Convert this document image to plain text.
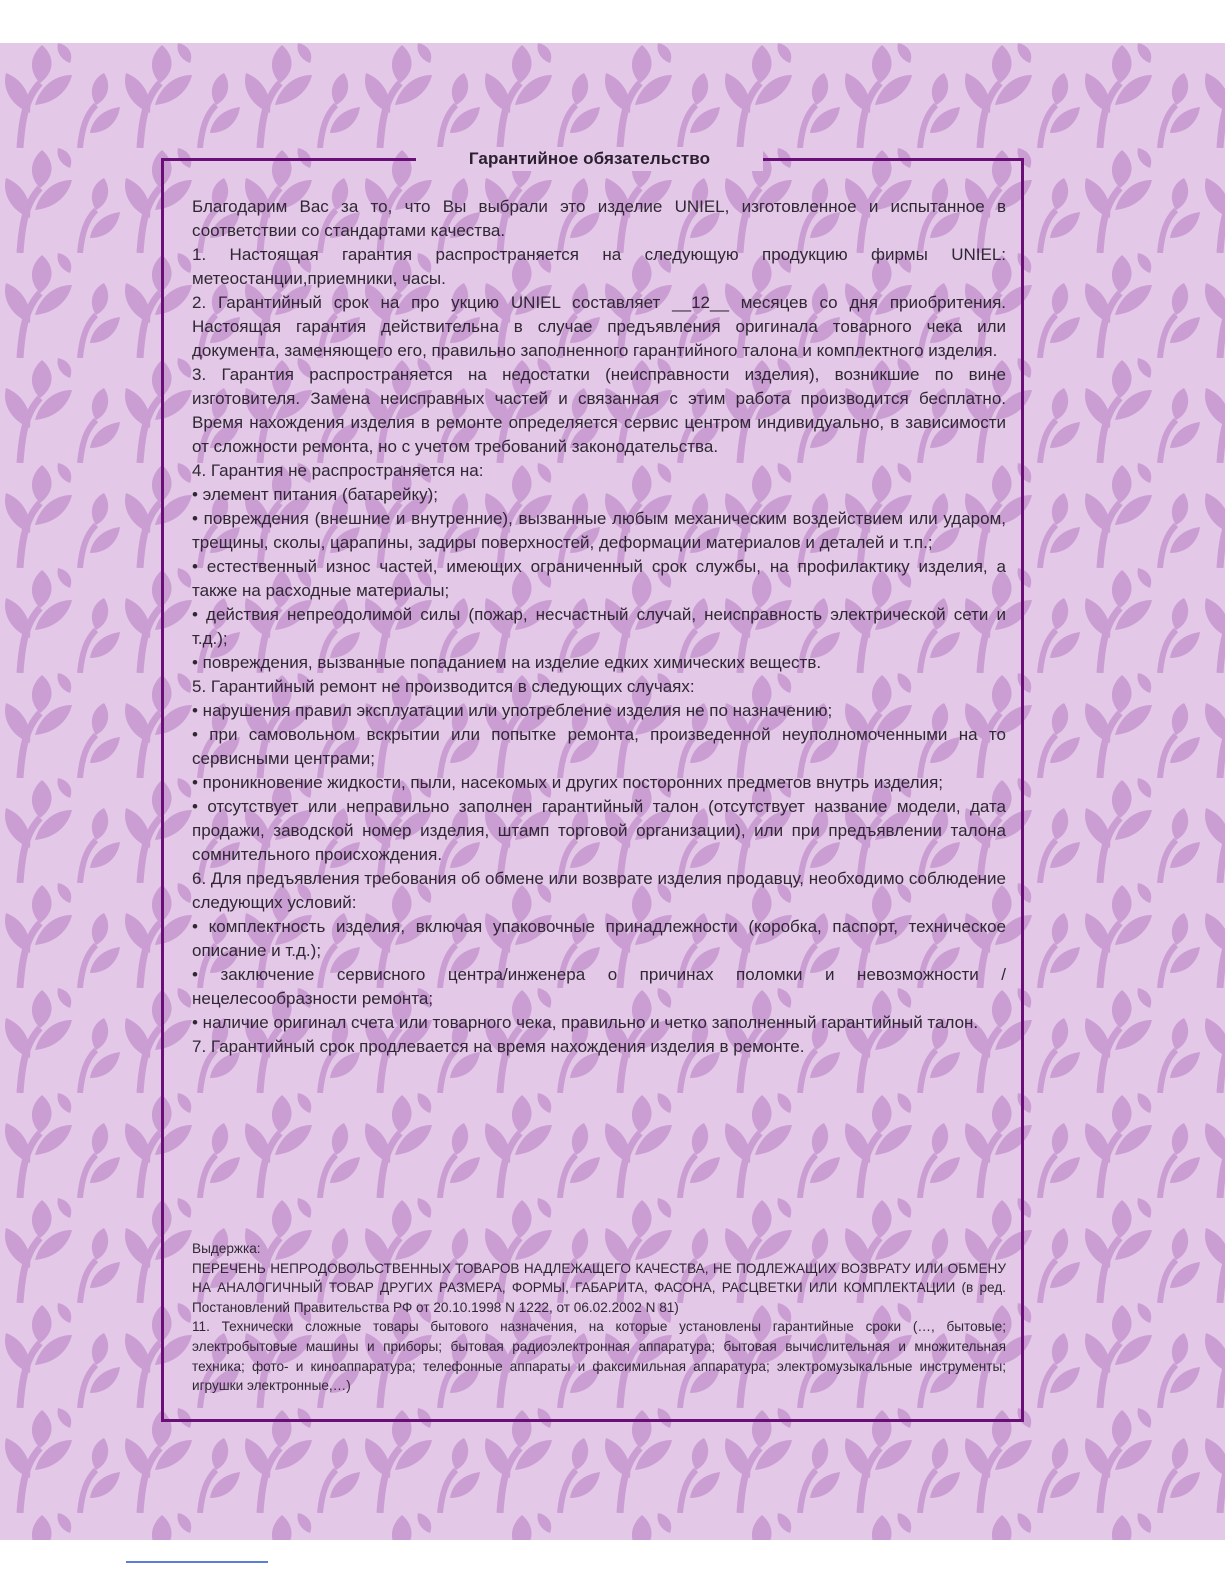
Гарантийное обязательство

Благодарим Вас за то, что Вы выбрали это изделие UNIEL, изготовленное и испытанное в соответствии со стандартами качества.

1. Настоящая гарантия распространяется на следующую продукцию фирмы UNIEL: метеостанции,приемники, часы.

2. Гарантийный срок на про укцию UNIEL составляет __12__ месяцев со дня приобритения. Настоящая гарантия действительна в случае предъявления оригинала товарного чека или документа, заменяющего его, правильно заполненного гарантийного талона и комплектного изделия.

3. Гарантия распространяется на недостатки (неисправности изделия), возникшие по вине изготовителя. Замена неисправных частей и связанная с этим работа производится бесплатно. Время нахождения изделия в ремонте определяется сервис центром индивидуально, в зависимости от сложности ремонта, но с учетом требований законодательства.

4. Гарантия не распространяется на:

• элемент питания (батарейку);

• повреждения (внешние и внутренние), вызванные любым механическим воздействием или ударом, трещины, сколы, царапины, задиры поверхностей, деформации материалов и деталей и т.п.;

• естественный износ частей, имеющих ограниченный срок службы, на профилактику изделия, а также на расходные материалы;

• действия непреодолимой силы (пожар, несчастный случай, неисправность электрической сети и т.д.);

• повреждения, вызванные попаданием на изделие едких химических веществ.

5. Гарантийный ремонт не производится в следующих случаях:

• нарушения правил эксплуатации или употребление изделия не по назначению;

• при самовольном вскрытии или попытке ремонта, произведенной неуполномоченными на то сервисными центрами;

• проникновение жидкости, пыли, насекомых и других посторонних предметов внутрь изделия;

• отсутствует или неправильно заполнен гарантийный талон (отсутствует название модели, дата продажи, заводской номер изделия, штамп торговой организации), или при предъявлении талона сомнительного происхождения.

6. Для предъявления требования об обмене или возврате изделия продавцу, необходимо соблюдение следующих условий:

• комплектность изделия, включая упаковочные принадлежности (коробка, паспорт, техническое описание и т.д.);

• заключение сервисного центра/инженера о причинах поломки и невозможности / нецелесообразности ремонта;

• наличие оригинал счета или товарного чека, правильно и четко заполненный гарантийный талон.

7. Гарантийный срок продлевается на время нахождения изделия в ремонте.

Выдержка:

ПЕРЕЧЕНЬ НЕПРОДОВОЛЬСТВЕННЫХ ТОВАРОВ НАДЛЕЖАЩЕГО КАЧЕСТВА, НЕ ПОДЛЕЖАЩИХ ВОЗВРАТУ ИЛИ ОБМЕНУ НА АНАЛОГИЧНЫЙ ТОВАР ДРУГИХ РАЗМЕРА, ФОРМЫ, ГАБАРИТА, ФАСОНА, РАСЦВЕТКИ ИЛИ КОМПЛЕКТАЦИИ (в ред. Постановлений Правительства РФ от 20.10.1998 N 1222, от 06.02.2002 N 81)

11. Технически сложные товары бытового назначения, на которые установлены гарантийные сроки (…, бытовые; электробытовые машины и приборы; бытовая радиоэлектронная аппаратура; бытовая вычислительная и множительная техника; фото- и киноаппаратура; телефонные аппараты и факсимильная аппаратура; электромузыкальные инструменты; игрушки электронные,…)
